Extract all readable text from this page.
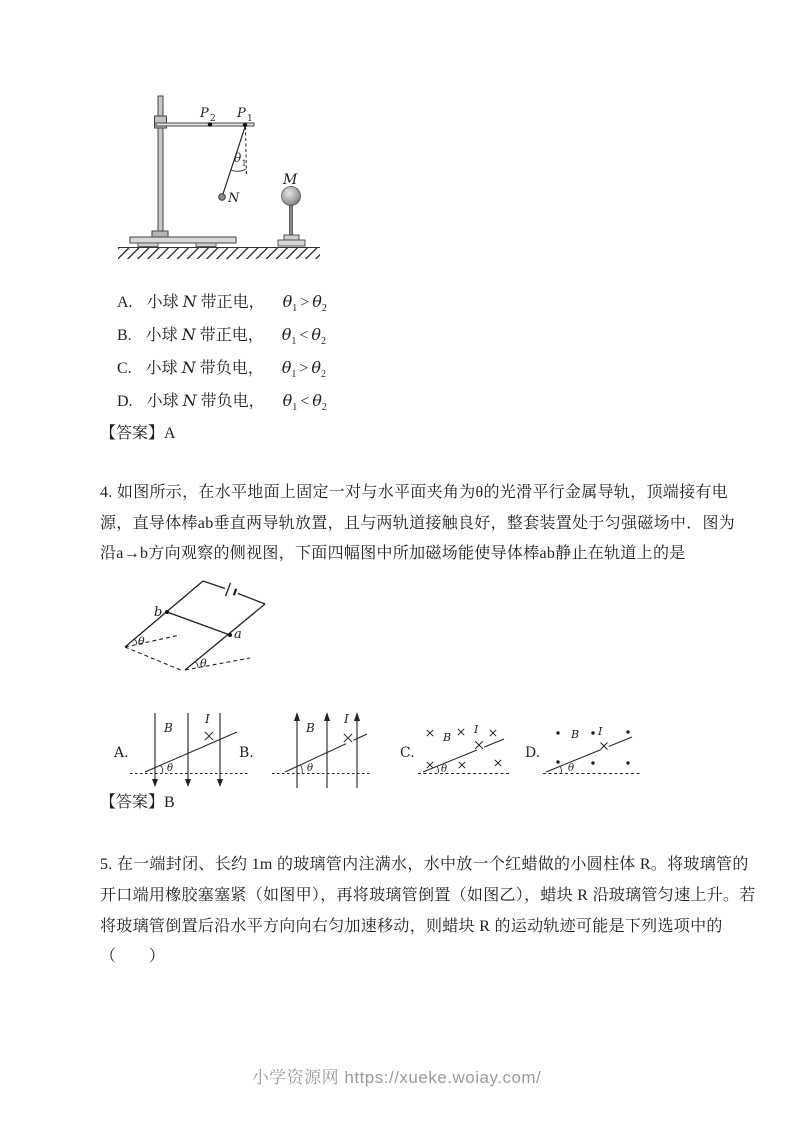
P 2 P 1
θ 1
N
M
A. 小球 N 带正电， $\theta_1 > \theta_2$
B. 小球 N 带正电， $\theta_1 < \theta_2$
C. 小球 N 带负电， $\theta_1 > \theta_2$
D. 小球 N 带负电， $\theta_1 < \theta_2$
【答案】A
4. 如图所示，在水平地面上固定一对与水平面夹角为θ的光滑平行金属导轨，顶端接有电
源，直导体棒ab垂直两导轨放置，且与两轨道接触良好，整套装置处于匀强磁场中．图为
沿a→b方向观察的侧视图，下面四幅图中所加磁场能使导体棒ab静止在轨道上的是
b
a
θ
θ
A.
B
I
θ
B.
B
I
θ
C.
B
I
θ
D.
B I
θ
【答案】B
5. 在一端封闭、长约 1m 的玻璃管内注满水，水中放一个红蜡做的小圆柱体 R。将玻璃管的
开口端用橡胶塞塞紧（如图甲），再将玻璃管倒置（如图乙），蜡块 R 沿玻璃管匀速上升。若
将玻璃管倒置后沿水平方向向右匀加速移动，则蜡块 R 的运动轨迹可能是下列选项中的
（　　）
小学资源网 https://xueke.woiay.com/
